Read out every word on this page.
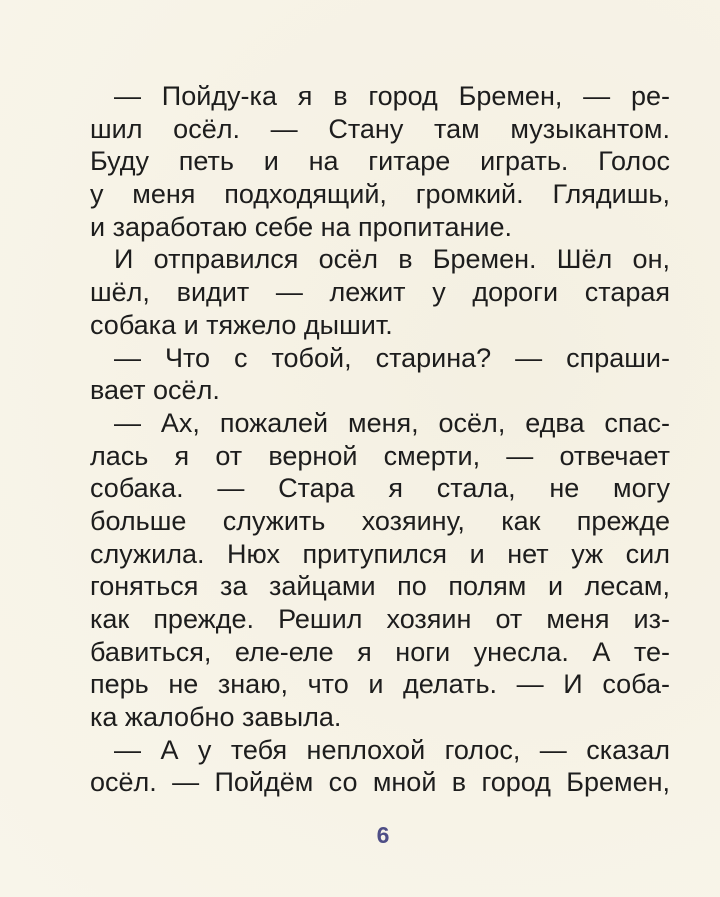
— Пойду-ка я в город Бремен, — ре-
шил осёл. — Стану там музыкантом.
Буду петь и на гитаре играть. Голос
у меня подходящий, громкий. Глядишь,
и заработаю себе на пропитание.
И отправился осёл в Бремен. Шёл он,
шёл, видит — лежит у дороги старая
собака и тяжело дышит.
— Что с тобой, старина? — спраши-
вает осёл.
— Ах, пожалей меня, осёл, едва спас-
лась я от верной смерти, — отвечает
собака. — Стара я стала, не могу
больше служить хозяину, как прежде
служила. Нюх притупился и нет уж сил
гоняться за зайцами по полям и лесам,
как прежде. Решил хозяин от меня из-
бавиться, еле-еле я ноги унесла. А те-
перь не знаю, что и делать. — И соба-
ка жалобно завыла.
— А у тебя неплохой голос, — сказал
осёл. — Пойдём со мной в город Бремен,
6
